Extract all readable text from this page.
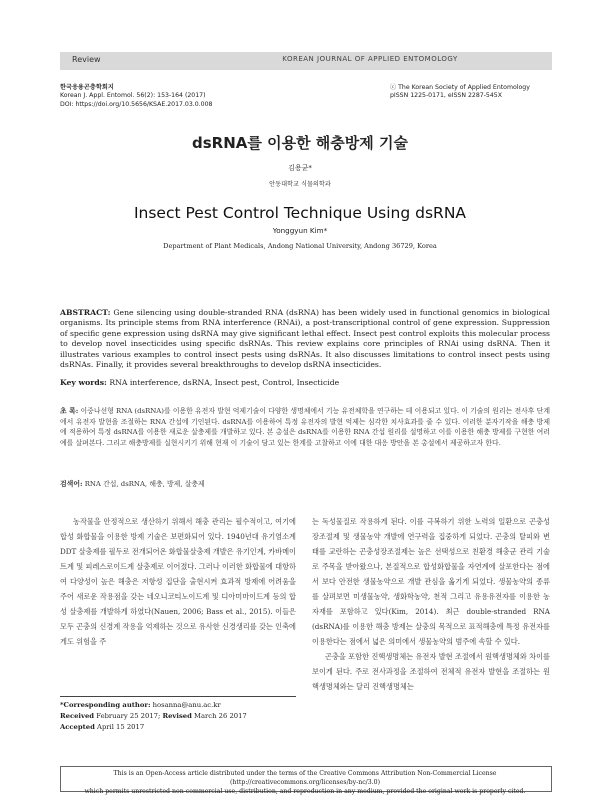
Review	KOREAN JOURNAL OF APPLIED ENTOMOLOGY
한국응용곤충학회지
Korean J. Appl. Entomol. 56(2): 153-164 (2017)
DOI: https://doi.org/10.5656/KSAE.2017.03.0.008
ⓒ The Korean Society of Applied Entomology
pISSN 1225-0171, eISSN 2287-545X
dsRNA를 이용한 해충방제 기술
김용균*
안동대학교 식물의학과
Insect Pest Control Technique Using dsRNA
Yonggyun Kim*
Department of Plant Medicals, Andong National University, Andong 36729, Korea
ABSTRACT: Gene silencing using double-stranded RNA (dsRNA) has been widely used in functional genomics in biological organisms. Its principle stems from RNA interference (RNAi), a post-transcriptional control of gene expression. Suppression of specific gene expression using dsRNA may give significant lethal effect. Insect pest control exploits this molecular process to develop novel insecticides using specific dsRNAs. This review explains core principles of RNAi using dsRNA. Then it illustrates various examples to control insect pests using dsRNAs. It also discusses limitations to control insect pests using dsRNAs. Finally, it provides several breakthroughs to develop dsRNA insecticides.
Key words: RNA interference, dsRNA, Insect pest, Control, Insecticide
초 록: 이중나선형 RNA (dsRNA)를 이용한 유전자 발현 억제기술이 다양한 생명체에서 기능 유전체학을 연구하는 데 이용되고 있다. 이 기술의 원리는 전사후 단계에서 유전자 발현을 조절하는 RNA 간섭에 기인된다. dsRNA를 이용하여 특정 유전자의 발현 억제는 심각한 치사효과를 줄 수 있다. 이러한 분자기작을 해충 방제에 적용하여 특정 dsRNA를 이용한 새로운 살충제를 개발하고 있다. 본 총설은 dsRNA를 이용한 RNA 간섭 원리를 설명하고 이를 이용한 해충 방제를 구현한 여러 예를 살펴본다. 그리고 해충방제를 실현시키기 위해 현재 이 기술이 담고 있는 한계를 고찰하고 이에 대한 대응 방안을 본 총설에서 제공하고자 한다.
검색어: RNA 간섭, dsRNA, 해충, 방제, 살충제
농작물을 안정적으로 생산하기 위해서 해충 관리는 필수적이고, 여기에 합성 화합물을 이용한 방제 기술은 보편화되어 있다. 1940년대 유기염소계 DDT 살충제를 필두로 전개되어온 화합물살충제 개발은 유기인계, 카바메이트계 및 피레스로이드계 살충제로 이어졌다. 그러나 이러한 화합물에 대항하여 다양성이 높은 해충은 저항성 집단을 출현시켜 효과적 방제에 어려움을 주어 새로운 작용점을 갖는 네오니코티노이드계 및 디아미마이드계 등의 합성 살충제를 개발하게 하였다(Nauen, 2006; Bass et al., 2015). 이들은 모두 곤충의 신경계 작용을 억제하는 것으로 유사한 신경생리를 갖는 인축에게도 위험을 주
는 독성물질로 작용하게 된다. 이를 극복하기 위한 노력의 일환으로 곤충성장조절제 및 생물농약 개발에 연구력을 집중하게 되었다. 곤충의 탈피와 변태를 교란하는 곤충성장조절제는 높은 선택성으로 친환경 해충군 관리 기술로 주목을 받아왔으나, 본질적으로 합성화합물을 자연계에 살포한다는 점에서 보다 안전한 생물농약으로 개발 관심을 옮기게 되었다. 생물농약의 종류를 살펴보면 미생물농약, 생화학농약, 천적 그리고 유용유전자를 이용한 농자재를 포함하고 있다(Kim, 2014). 최근 double-stranded RNA (dsRNA)를 이용한 해충 방제는 살충의 목적으로 표적해충에 특정 유전자를 이용한다는 점에서 넓은 의미에서 생물농약의 범주에 속할 수 있다.
곤충을 포함한 진핵생명체는 유전자 발현 조절에서 원핵생명체와 차이를 보이게 된다. 주로 전사과정을 조절하여 전체적 유전자 발현을 조절하는 원핵생명체와는 달리 진핵생명체는
*Corresponding author: hosanna@anu.ac.kr
Received February 25 2017; Revised March 26 2017
Accepted April 15 2017
This is an Open-Access article distributed under the terms of the Creative Commons Attribution Non-Commercial License (http://creativecommons.org/licenses/by-nc/3.0)
which permits unrestricted non-commercial use, distribution, and reproduction in any medium, provided the original work is properly cited.
